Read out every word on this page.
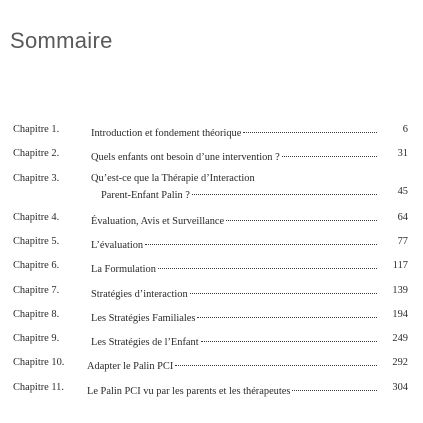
Sommaire
Chapitre 1.	Introduction et fondement théorique	6
Chapitre 2.	Quels enfants ont besoin d’une intervention ?	31
Chapitre 3.	Qu’est-ce que la Thérapie d’Interaction
Parent-Enfant Palin ?	45
Chapitre 4.	Évaluation, Avis et Surveillance	64
Chapitre 5.	L’évaluation	77
Chapitre 6.	La Formulation	117
Chapitre 7.	Stratégies d’interaction	139
Chapitre 8.	Les Stratégies Familiales	194
Chapitre 9.	Les Stratégies de l’Enfant	249
Chapitre 10. Adapter le Palin PCI	292
Chapitre 11. Le Palin PCI vu par les parents et les thérapeutes	304
